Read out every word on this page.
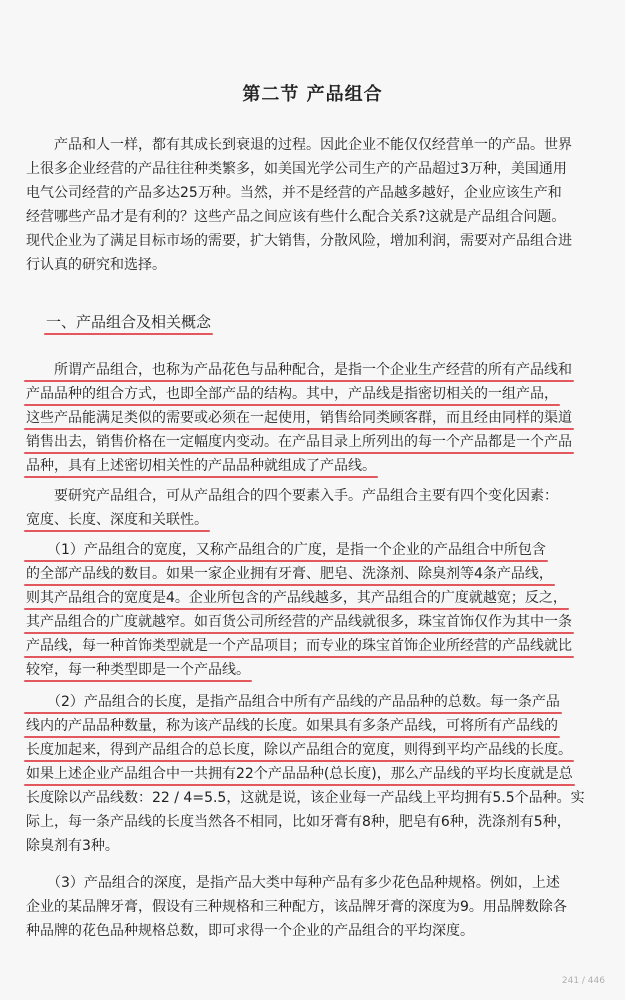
第二节 产品组合
　　产品和人一样，都有其成长到衰退的过程。因此企业不能仅仅经营单一的产品。世界
上很多企业经营的产品往往种类繁多，如美国光学公司生产的产品超过3万种，美国通用
电气公司经营的产品多达25万种。当然，并不是经营的产品越多越好，企业应该生产和
经营哪些产品才是有利的？这些产品之间应该有些什么配合关系?这就是产品组合问题。
现代企业为了满足目标市场的需要，扩大销售，分散风险，增加利润，需要对产品组合进
行认真的研究和选择。
一、产品组合及相关概念
　　所谓产品组合，也称为产品花色与品种配合，是指一个企业生产经营的所有产品线和
产品品种的组合方式，也即全部产品的结构。其中，产品线是指密切相关的一组产品，
这些产品能满足类似的需要或必须在一起使用，销售给同类顾客群，而且经由同样的渠道
销售出去，销售价格在一定幅度内变动。在产品目录上所列出的每一个产品都是一个产品
品种，具有上述密切相关性的产品品种就组成了产品线。
　　要研究产品组合，可从产品组合的四个要素入手。产品组合主要有四个变化因素：
宽度、长度、深度和关联性。
　　（1）产品组合的宽度，又称产品组合的广度，是指一个企业的产品组合中所包含
的全部产品线的数目。如果一家企业拥有牙膏、肥皂、洗涤剂、除臭剂等4条产品线，
则其产品组合的宽度是4。企业所包含的产品线越多，其产品组合的广度就越宽；反之，
其产品组合的广度就越窄。如百货公司所经营的产品线就很多，珠宝首饰仅作为其中一条
产品线，每一种首饰类型就是一个产品项目；而专业的珠宝首饰企业所经营的产品线就比
较窄，每一种类型即是一个产品线。
　　（2）产品组合的长度，是指产品组合中所有产品线的产品品种的总数。每一条产品
线内的产品品种数量，称为该产品线的长度。如果具有多条产品线，可将所有产品线的
长度加起来，得到产品组合的总长度，除以产品组合的宽度，则得到平均产品线的长度。
如果上述企业产品组合中一共拥有22个产品品种(总长度)，那么产品线的平均长度就是总
长度除以产品线数：22 / 4=5.5，这就是说，该企业每一产品线上平均拥有5.5个品种。实
际上，每一条产品线的长度当然各不相同，比如牙膏有8种，肥皂有6种，洗涤剂有5种，
除臭剂有3种。
　　（3）产品组合的深度，是指产品大类中每种产品有多少花色品种规格。例如，上述
企业的某品牌牙膏，假设有三种规格和三种配方，该品牌牙膏的深度为9。用品牌数除各
种品牌的花色品种规格总数，即可求得一个企业的产品组合的平均深度。
241 / 446
